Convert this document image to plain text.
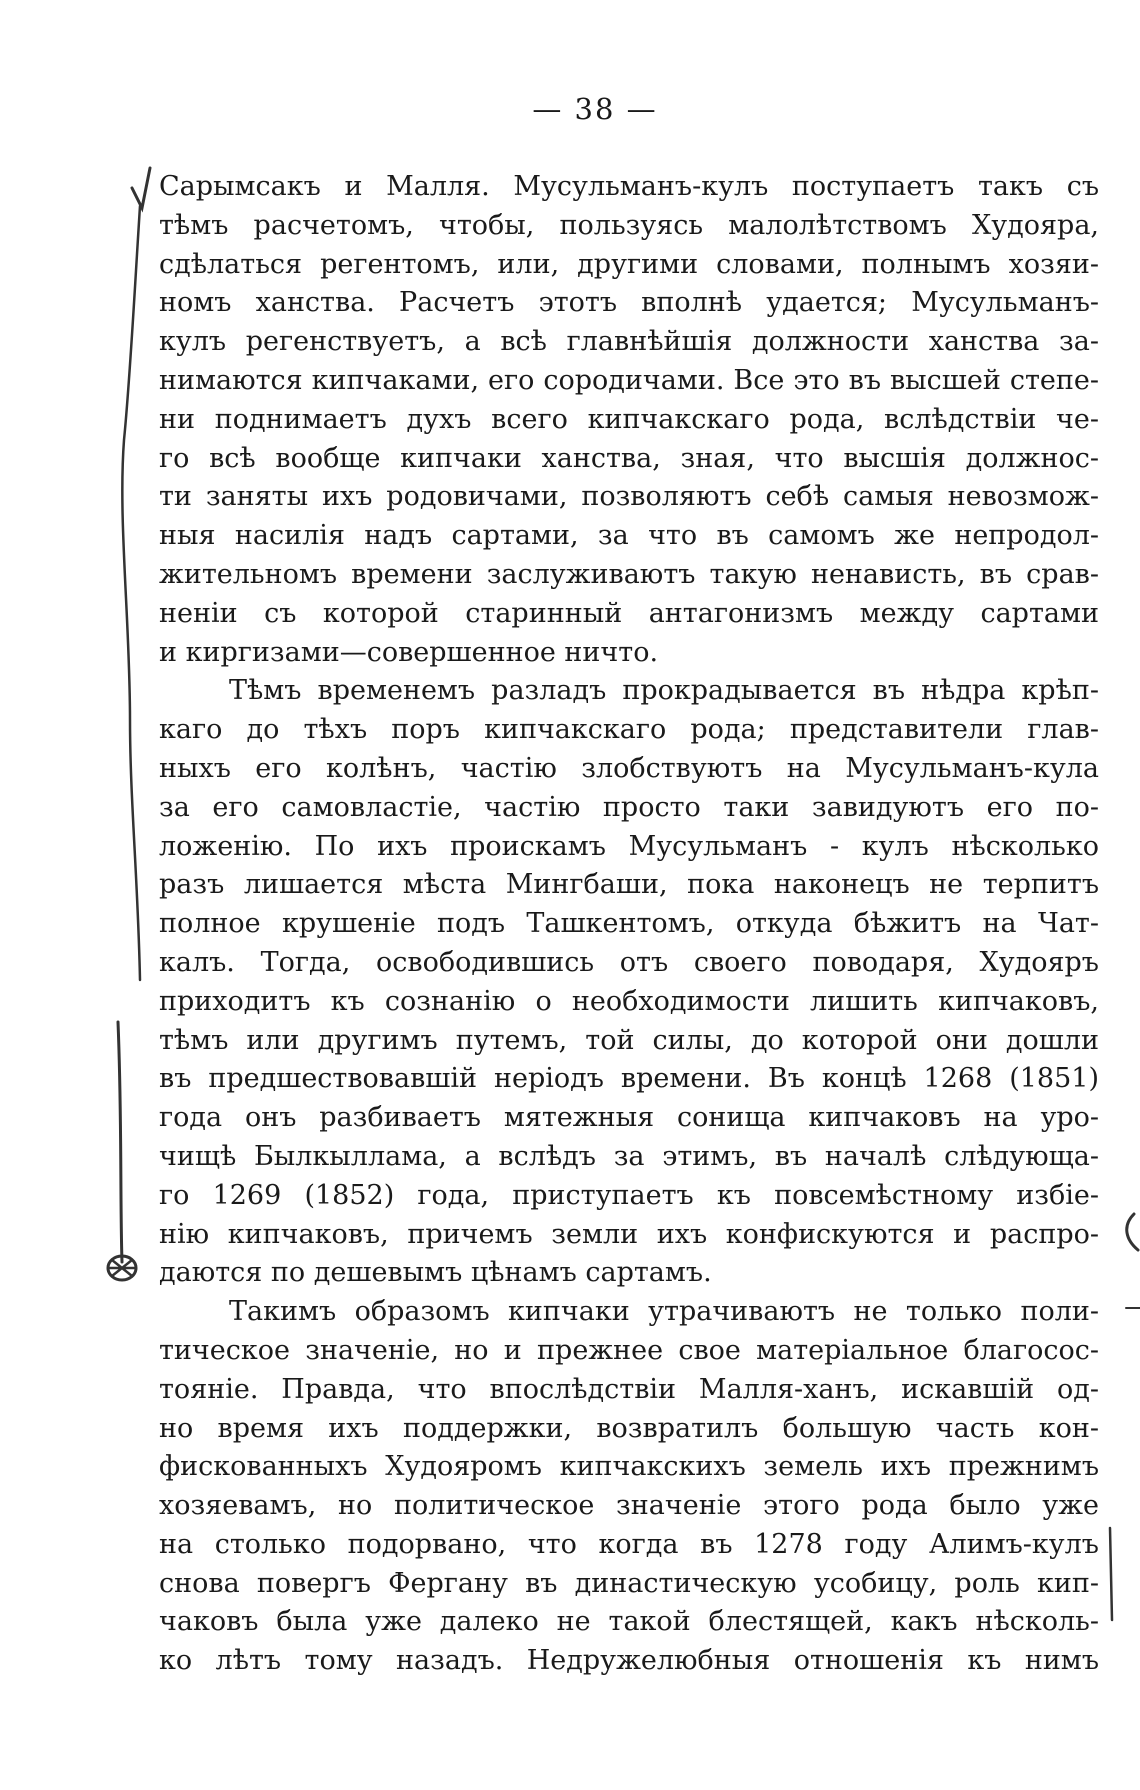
— 38 —
Сарымсакъ и Малля. Мусульманъ-кулъ поступаетъ такъ съ
тѣмъ расчетомъ, чтобы, пользуясь малолѣтствомъ Худояра,
сдѣлаться регентомъ, или, другими словами, полнымъ хозяи-
номъ ханства. Расчетъ этотъ вполнѣ удается; Мусульманъ-
кулъ регенствуетъ, а всѣ главнѣйшія должности ханства за-
нимаются кипчаками, его сородичами. Все это въ высшей степе-
ни поднимаетъ духъ всего кипчакскаго рода, вслѣдствіи че-
го всѣ вообще кипчаки ханства, зная, что высшія должнос-
ти заняты ихъ родовичами, позволяютъ себѣ самыя невозмож-
ныя насилія надъ сартами, за что въ самомъ же непродол-
жительномъ времени заслуживаютъ такую ненависть, въ срав-
неніи съ которой старинный антагонизмъ между сартами
и киргизами—совершенное ничто.
Тѣмъ временемъ разладъ прокрадывается въ нѣдра крѣп-
каго до тѣхъ поръ кипчакскаго рода; представители глав-
ныхъ его колѣнъ, частію злобствуютъ на Мусульманъ-кула
за его самовластіе, частію просто таки завидуютъ его по-
ложенію. По ихъ проискамъ Мусульманъ - кулъ нѣсколько
разъ лишается мѣста Мингбаши, пока наконецъ не терпитъ
полное крушеніе подъ Ташкентомъ, откуда бѣжитъ на Чат-
калъ. Тогда, освободившись отъ своего поводаря, Худояръ
приходитъ къ сознанію о необходимости лишить кипчаковъ,
тѣмъ или другимъ путемъ, той силы, до которой они дошли
въ предшествовавшій неріодъ времени. Въ концѣ 1268 (1851)
года онъ разбиваетъ мятежныя сонища кипчаковъ на уро-
чищѣ Былкыллама, а вслѣдъ за этимъ, въ началѣ слѣдующа-
го 1269 (1852) года, приступаетъ къ повсемѣстному избіе-
нію кипчаковъ, причемъ земли ихъ конфискуются и распро-
даются по дешевымъ цѣнамъ сартамъ.
Такимъ образомъ кипчаки утрачиваютъ не только поли-
тическое значеніе, но и прежнее свое матеріальное благосос-
тояніе. Правда, что впослѣдствіи Малля-ханъ, искавшій од-
но время ихъ поддержки, возвратилъ большую часть кон-
фискованныхъ Худояромъ кипчакскихъ земель ихъ прежнимъ
хозяевамъ, но политическое значеніе этого рода было уже
на столько подорвано, что когда въ 1278 году Алимъ-кулъ
снова повергъ Фергану въ династическую усобицу, роль кип-
чаковъ была уже далеко не такой блестящей, какъ нѣсколь-
ко лѣтъ тому назадъ. Недружелюбныя отношенія къ нимъ
